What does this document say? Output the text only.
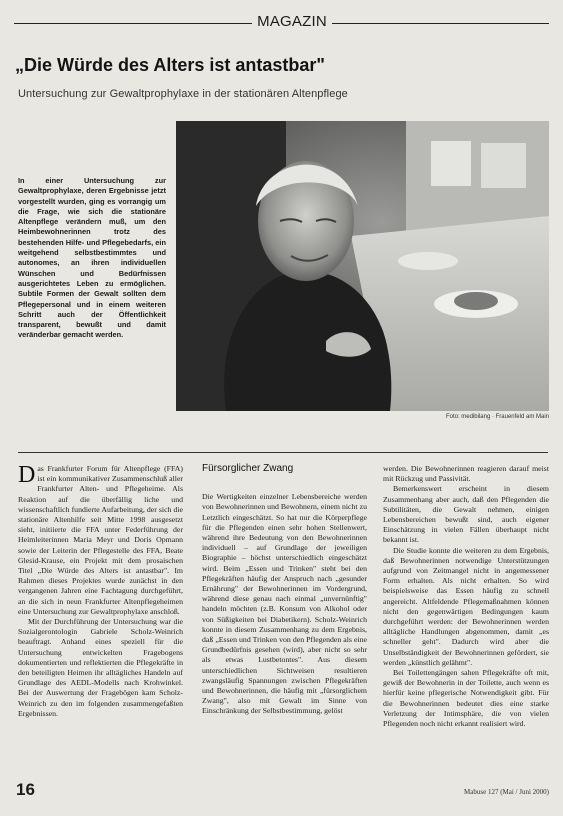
MAGAZIN
„Die Würde des Alters ist antastbar"
Untersuchung zur Gewaltprophylaxe in der stationären Altenpflege
Foto: medibilang · Frauenfeld am Main
In einer Untersuchung zur Gewaltprophylaxe, deren Ergebnisse jetzt vorgestellt wurden, ging es vorrangig um die Frage, wie sich die stationäre Altenpflege verändern muß, um den Heimbewohnerinnen trotz des bestehenden Hilfe- und Pflegebedarfs, ein weitgehend selbstbestimmtes und autonomes, an ihren individuellen Wünschen und Bedürfnissen ausgerichtetes Leben zu ermöglichen. Subtile Formen der Gewalt sollten dem Pflegepersonal und in einem weiteren Schritt auch der Öffentlichkeit transparent, bewußt und damit veränderbar gemacht werden.

Das Frankfurter Forum für Altenpflege (FFA) ist ein kommunikativer Zusammenschluß aller Frankfurter Alten- und Pflegeheime. Als Reaktion auf die überfällig liche und wissenschaftlich fundierte Aufarbeitung, der sich die stationäre Altenhilfe seit Mitte 1998 ausgesetzt sieht, initiierte die FFA unter Federführung der Heimleiterinnen Maria Meyr und Doris Opmann sowie der Leiterin der Pflegestelle des FFA, Beate Glesid-Krause, ein Projekt mit dem prosaischen Titel „Die Würde des Alters ist antastbar". Im Rahmen dieses Projektes wurde zunächst in den vergangenen Jahren eine Fachtagung durchgeführt, an die sich in neun Frankfurter Altenpflegeheimen eine Untersuchung zur Gewaltprophylaxe anschloß.

Mit der Durchführung der Untersuchung war die Sozialgerontologin Gabriele Scholz-Weinrich beauftragt. Anhand eines speziell für die Untersuchung entwickelten Fragebogens dokumentierten und reflektierten die Pflegekräfte in den beteiligten Heimen ihr alltägliches Handeln auf Grundlage des AEDL-Modells nach Krohwinkel. Bei der Auswertung der Fragebögen kam Scholz-Weinrich zu den im folgenden zusammengefaßten Ergebnissen.

Fürsorglicher Zwang

Die Wertigkeiten einzelner Lebensbereiche werden von Bewohnerinnen und Bewohnern, einem nicht zu Letztlich eingeschätzt. So hat nur die Körperpflege für die Pflegenden einen sehr hohen Stellenwert, während ihre Bedeutung von den Bewohnerinnen individuell – auf Grundlage der jeweiligen Biographie – höchst unterschiedlich eingeschätzt wird. Beim „Essen und Trinken" steht bei den Pflegekräften häufig der Anspruch nach „gesunder Ernährung" der Bewohnerinnen im Vordergrund, während diese genau nach einmal „unvernünftig" handeln möchten (z.B. Konsum von Alkohol oder von Süßigkeiten bei Diabetikern). Scholz-Weinrich konnte in diesem Zusammenhang zu dem Ergebnis, daß „Essen und Trinken von den Pflegenden als eine Grundbedürfnis gesehen (wird), aber nicht so sehr als etwas Lustbetontes". Aus diesem unterschiedlichen Sichtweisen resultieren zwangsläufig Spannungen zwischen Pflegekräften und Bewohnerinnen, die häufig mit „fürsorglichem Zwang", also mit Gewalt im Sinne von Einschränkung der Selbstbestimmung, gelöst

werden. Die Bewohnerinnen reagieren darauf meist mit Rückzug und Passivität.

Bemerkenswert erscheint in diesem Zusammenhang aber auch, daß den Pflegenden die Subtilitäten, die Gewalt nehmen, einigen Lebensbereichen bewußt sind, auch eigener Einschätzung in vielen Fällen überhaupt nicht bekannt ist.

Die Studie konnte die weiteren zu dem Ergebnis, daß Bewohnerinnen notwendige Unterstützungen aufgrund von Zeitmangel nicht in angemessener Form erhalten. Als nicht erhalten. So wird beispielsweise das Essen häufig zu schnell angereicht. Altfeldende Pflegemaßnahmen können nicht den gegenwärtigen Bedingungen kaum durchgeführt werden: der Bewohnerinnen werden alltägliche Handlungen abgenommen, damit „es schneller geht". Dadurch wird aber die Unselbständigkeit der Bewohnerinnen gefördert, sie werden „künstlich gelähmt".

Bei Toilettengängen sahen Pflegekräfte oft mit, gewiß der Bewohnerin in der Toilette, auch wenn es hierfür keine pflegerische Notwendigkeit gibt. Für die Bewohnerinnen bedeutet dies eine starke Verletzung der Intimsphäre, die von vielen Pflegenden noch nicht erkannt realisiert wird.

16	Mabuse 127 (Mai / Juni 2000)
